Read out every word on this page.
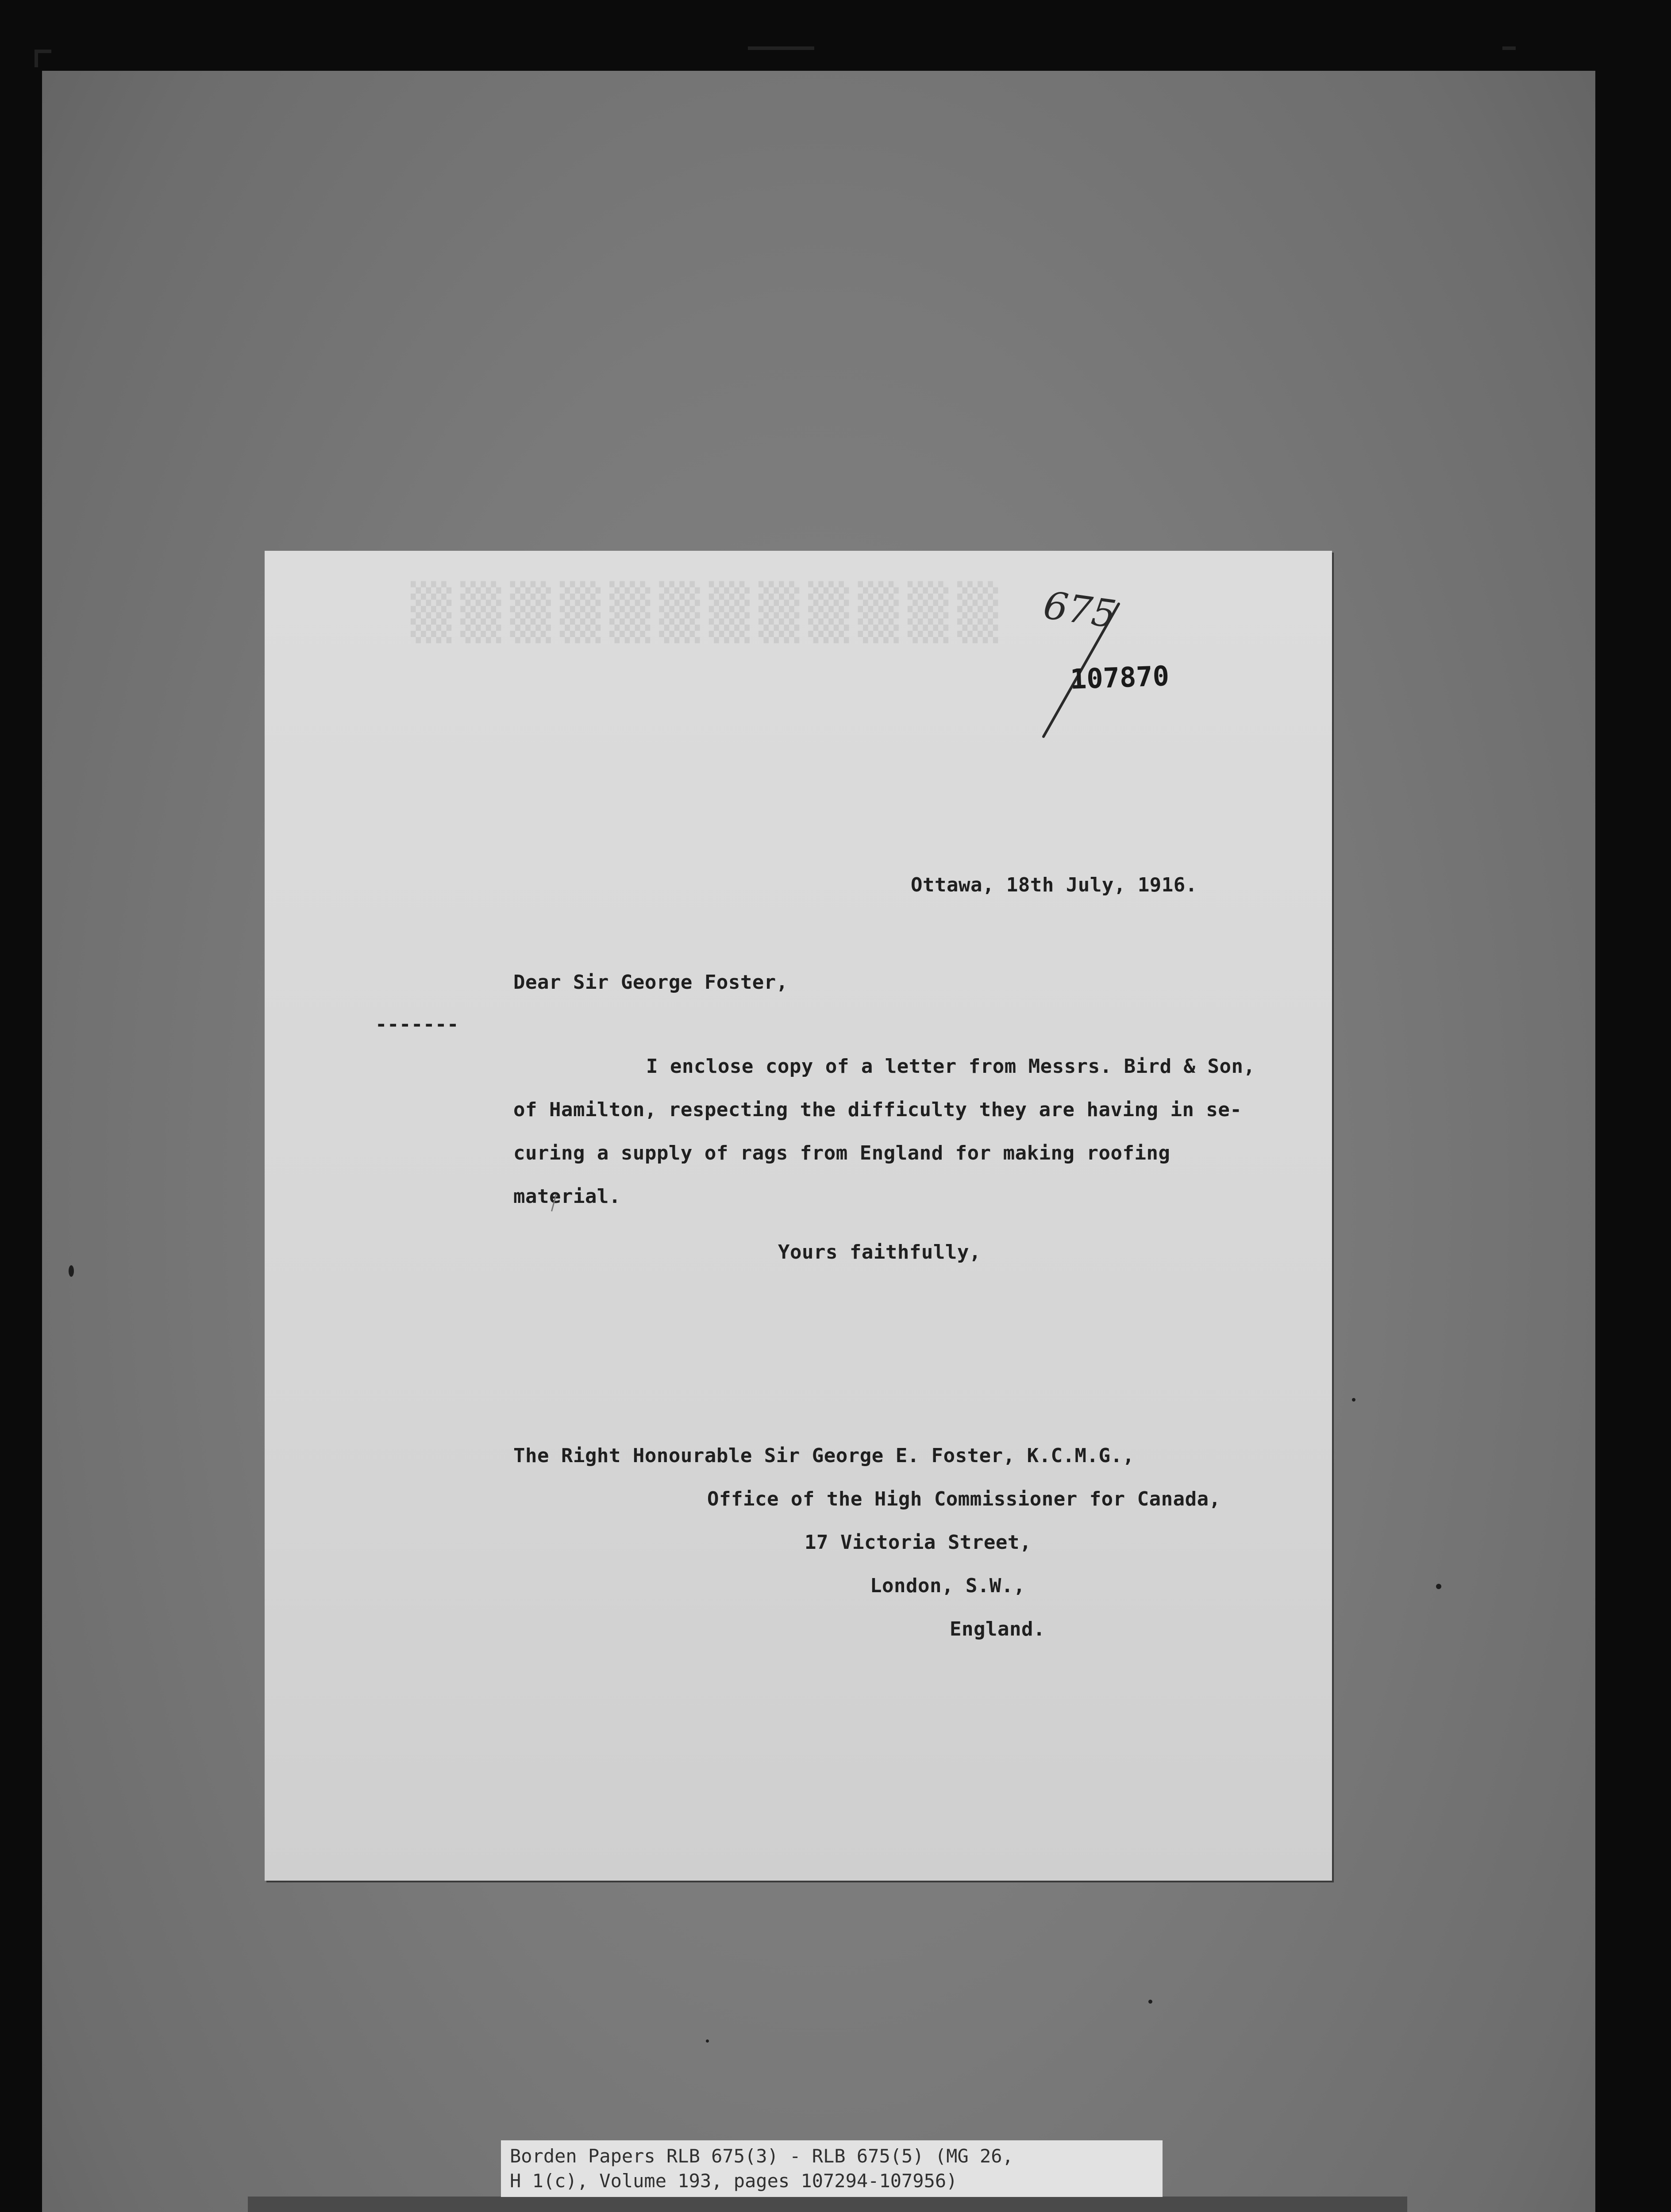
▒▒▒▒▒▒▒▒▒▒▒▒ 675
107870
Ottawa, 18th July, 1916.
Dear Sir George Foster,
-------
I enclose copy of a letter from Messrs. Bird & Son,
of Hamilton, respecting the difficulty they are having in se-
curing a supply of rags from England for making roofing
material.
Yours faithfully,
The Right Honourable Sir George E. Foster, K.C.M.G.,
Office of the High Commissioner for Canada,
17 Victoria Street,
London, S.W.,
England.
Borden Papers RLB 675(3) - RLB 675(5) (MG 26,
H 1(c), Volume 193, pages 107294-107956)
